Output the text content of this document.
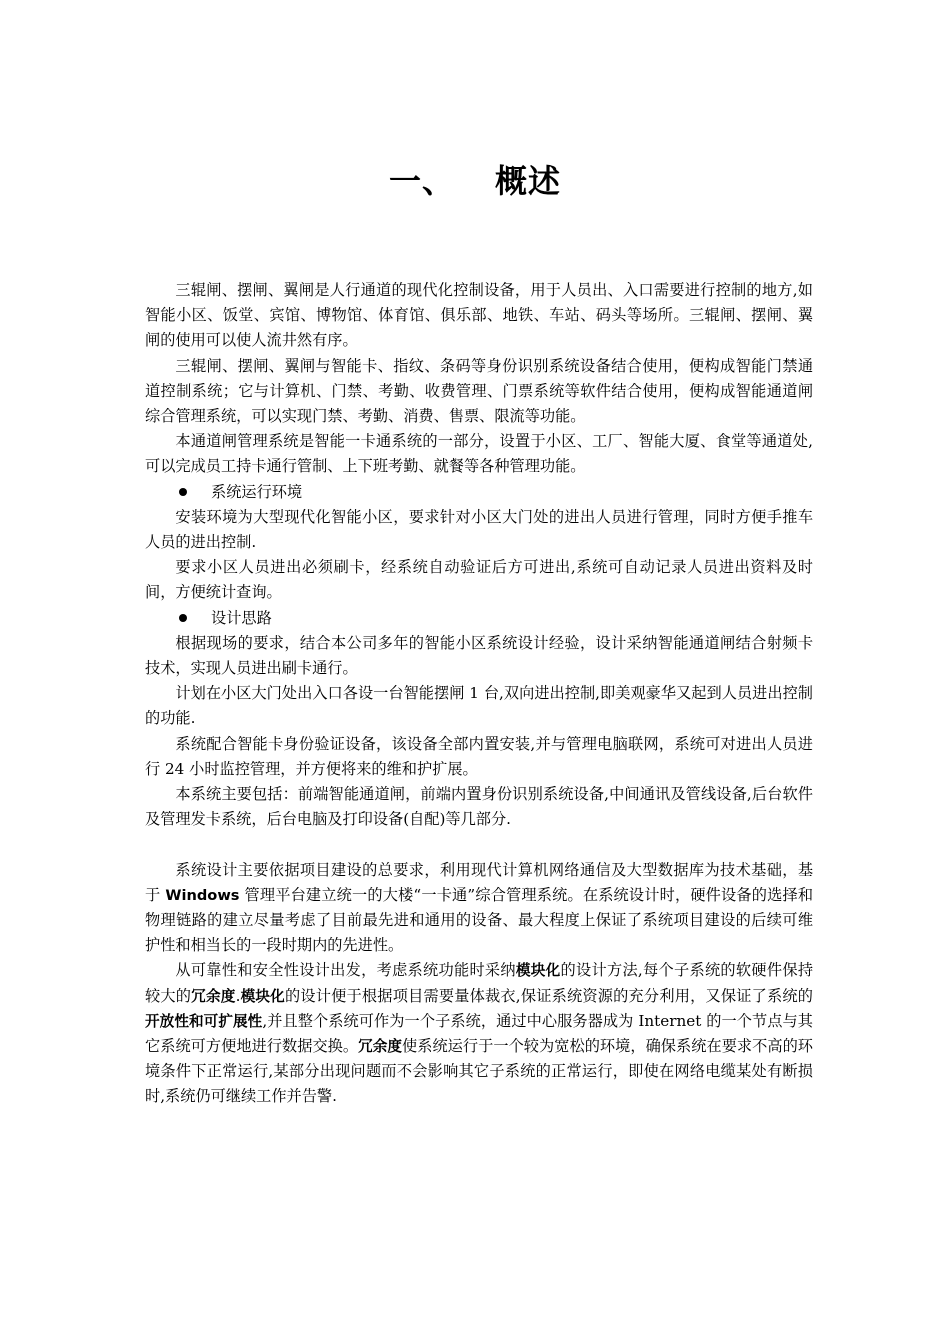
一、 概述

三辊闸、摆闸、翼闸是人行通道的现代化控制设备，用于人员出、入口需要进行控制的地方,如智能小区、饭堂、宾馆、博物馆、体育馆、俱乐部、地铁、车站、码头等场所。三辊闸、摆闸、翼闸的使用可以使人流井然有序。

三辊闸、摆闸、翼闸与智能卡、指纹、条码等身份识别系统设备结合使用，便构成智能门禁通道控制系统；它与计算机、门禁、考勤、收费管理、门票系统等软件结合使用，便构成智能通道闸综合管理系统，可以实现门禁、考勤、消费、售票、限流等功能。

本通道闸管理系统是智能一卡通系统的一部分，设置于小区、工厂、智能大厦、食堂等通道处,可以完成员工持卡通行管制、上下班考勤、就餐等各种管理功能。

系统运行环境

安装环境为大型现代化智能小区，要求针对小区大门处的进出人员进行管理，同时方便手推车人员的进出控制.

要求小区人员进出必须刷卡，经系统自动验证后方可进出,系统可自动记录人员进出资料及时间，方便统计查询。

设计思路

根据现场的要求，结合本公司多年的智能小区系统设计经验，设计采纳智能通道闸结合射频卡技术，实现人员进出刷卡通行。

计划在小区大门处出入口各设一台智能摆闸 1 台,双向进出控制,即美观豪华又起到人员进出控制的功能.

系统配合智能卡身份验证设备，该设备全部内置安装,并与管理电脑联网，系统可对进出人员进行 24 小时监控管理，并方便将来的维和护扩展。

本系统主要包括：前端智能通道闸，前端内置身份识别系统设备,中间通讯及管线设备,后台软件及管理发卡系统，后台电脑及打印设备(自配)等几部分.

系统设计主要依据项目建设的总要求，利用现代计算机网络通信及大型数据库为技术基础，基于 Windows 管理平台建立统一的大楼“一卡通”综合管理系统。在系统设计时，硬件设备的选择和物理链路的建立尽量考虑了目前最先进和通用的设备、最大程度上保证了系统项目建设的后续可维护性和相当长的一段时期内的先进性。

从可靠性和安全性设计出发，考虑系统功能时采纳模块化的设计方法,每个子系统的软硬件保持较大的冗余度.模块化的设计便于根据项目需要量体裁衣,保证系统资源的充分利用，又保证了系统的开放性和可扩展性,并且整个系统可作为一个子系统，通过中心服务器成为 Internet 的一个节点与其它系统可方便地进行数据交换。冗余度使系统运行于一个较为宽松的环境，确保系统在要求不高的环境条件下正常运行,某部分出现问题而不会影响其它子系统的正常运行，即使在网络电缆某处有断损时,系统仍可继续工作并告警.
